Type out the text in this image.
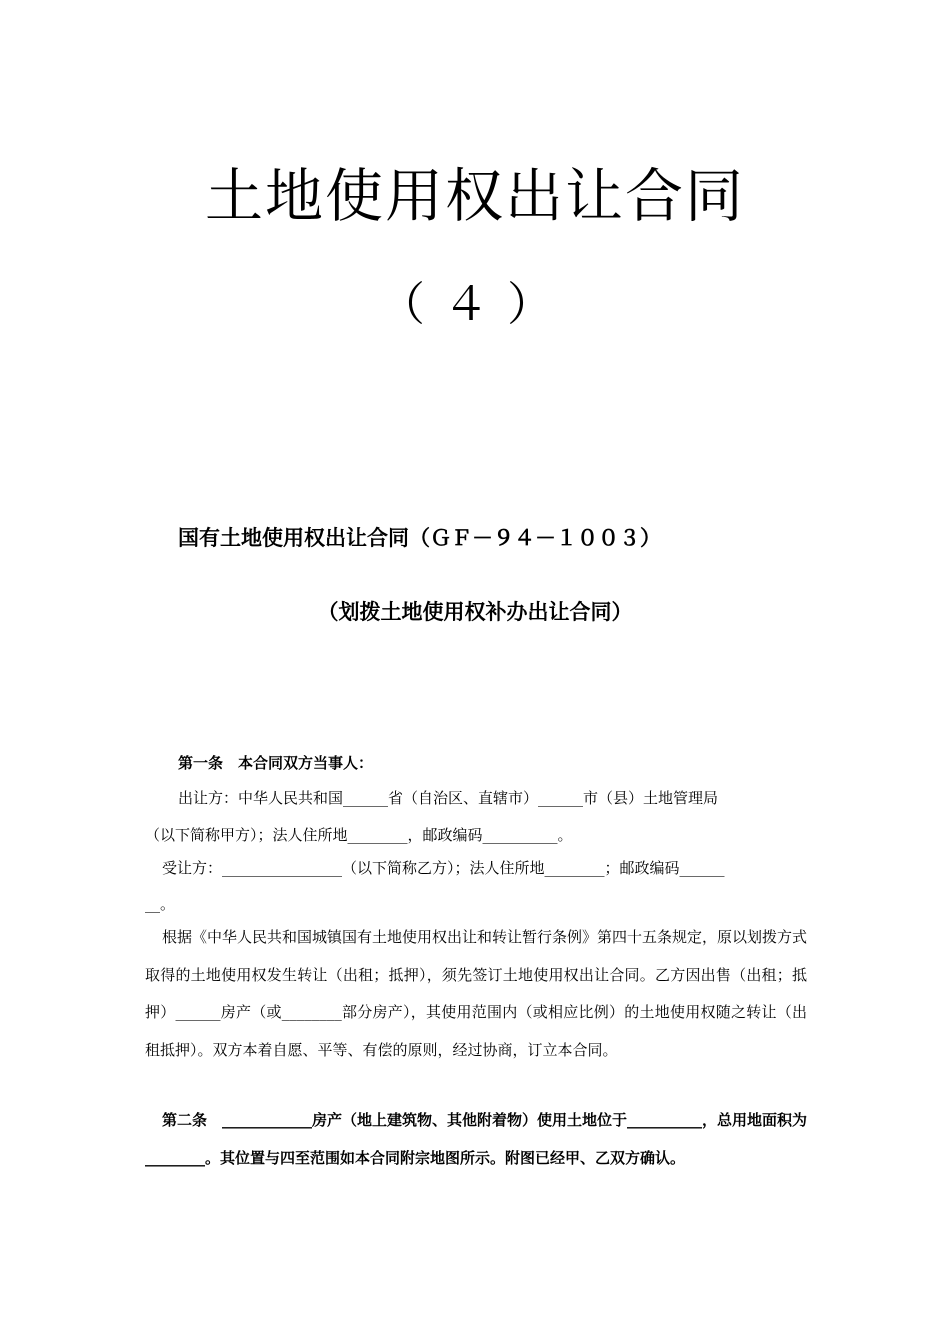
土地使用权出让合同
（４）
国有土地使用权出让合同（ＧＦ－９４－１００３）
（划拨土地使用权补办出让合同）
第一条　本合同双方当事人：
出让方：中华人民共和国______省（自治区、直辖市）______市（县）土地管理局
（以下简称甲方）；法人住所地________，邮政编码__________。
受让方：________________（以下简称乙方）；法人住所地________；邮政编码______
__。
根据《中华人民共和国城镇国有土地使用权出让和转让暂行条例》第四十五条规定，原以划拨方式取得的土地使用权发生转让（出租；抵押），须先签订土地使用权出让合同。乙方因出售（出租；抵押）______房产（或________部分房产），其使用范围内（或相应比例）的土地使用权随之转让（出租抵押）。双方本着自愿、平等、有偿的原则，经过协商，订立本合同。
第二条　____________房产（地上建筑物、其他附着物）使用土地位于__________，总用地面积为________。其位置与四至范围如本合同附宗地图所示。附图已经甲、乙双方确认。
